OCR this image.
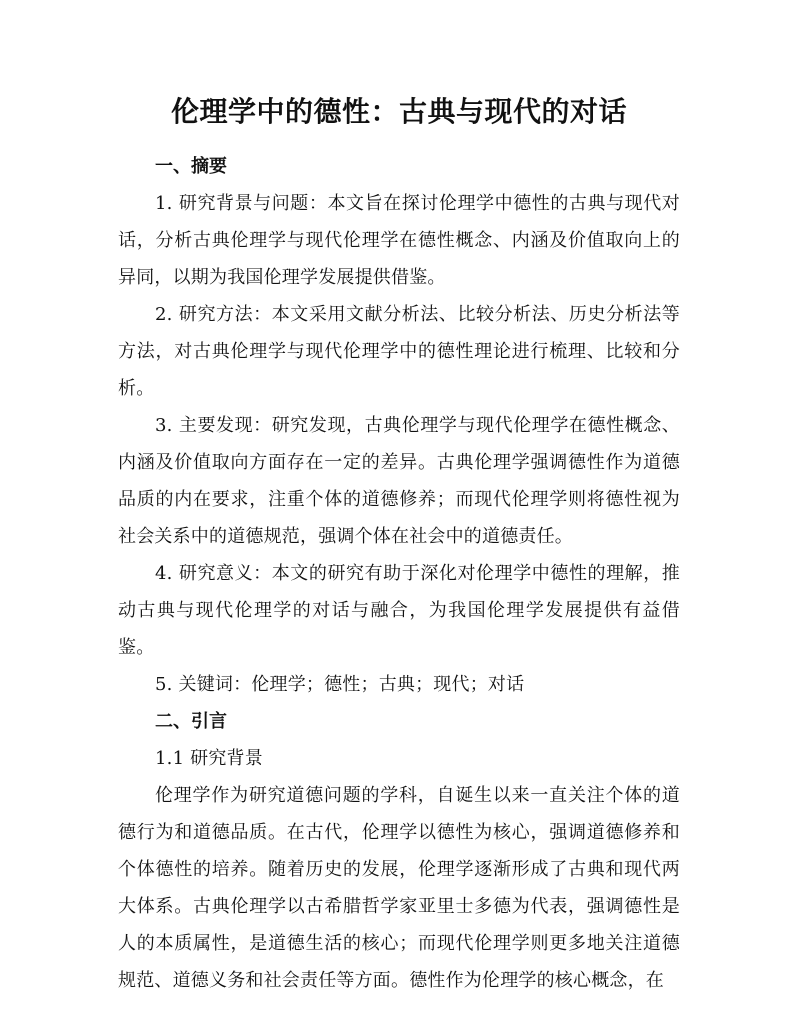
伦理学中的德性：古典与现代的对话
一、摘要

1. 研究背景与问题：本文旨在探讨伦理学中德性的古典与现代对话，分析古典伦理学与现代伦理学在德性概念、内涵及价值取向上的异同，以期为我国伦理学发展提供借鉴。

2. 研究方法：本文采用文献分析法、比较分析法、历史分析法等方法，对古典伦理学与现代伦理学中的德性理论进行梳理、比较和分析。

3. 主要发现：研究发现，古典伦理学与现代伦理学在德性概念、内涵及价值取向方面存在一定的差异。古典伦理学强调德性作为道德品质的内在要求，注重个体的道德修养；而现代伦理学则将德性视为社会关系中的道德规范，强调个体在社会中的道德责任。

4. 研究意义：本文的研究有助于深化对伦理学中德性的理解，推动古典与现代伦理学的对话与融合，为我国伦理学发展提供有益借鉴。

5. 关键词：伦理学；德性；古典；现代；对话

二、引言

1.1 研究背景

伦理学作为研究道德问题的学科，自诞生以来一直关注个体的道德行为和道德品质。在古代，伦理学以德性为核心，强调道德修养和个体德性的培养。随着历史的发展，伦理学逐渐形成了古典和现代两大体系。古典伦理学以古希腊哲学家亚里士多德为代表，强调德性是人的本质属性，是道德生活的核心；而现代伦理学则更多地关注道德规范、道德义务和社会责任等方面。德性作为伦理学的核心概念，在
